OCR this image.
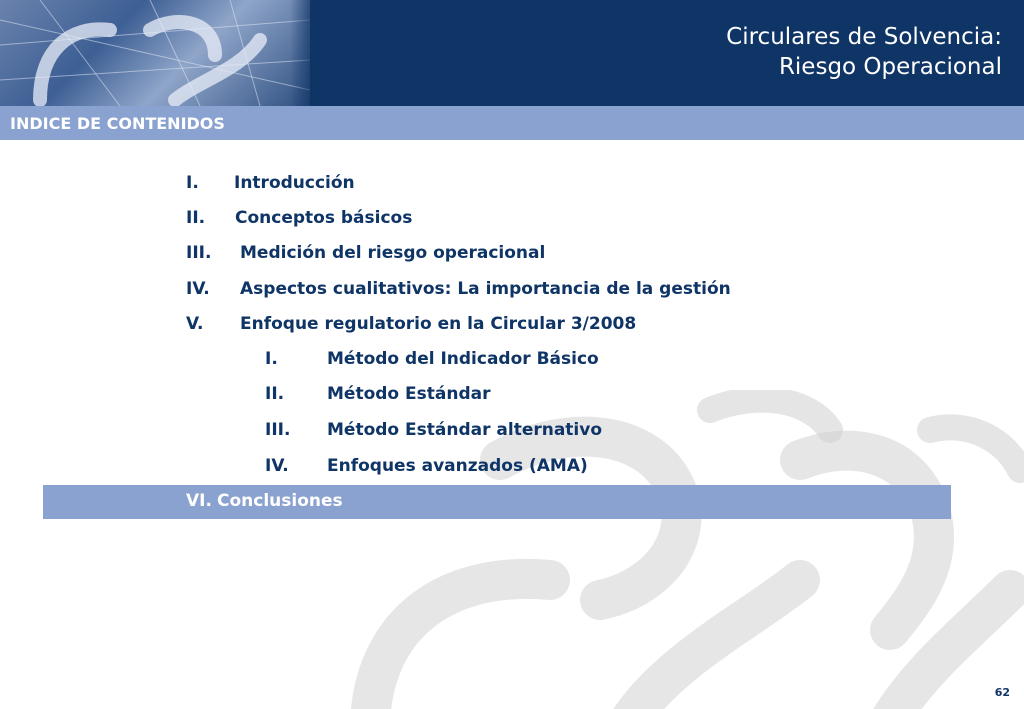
Circulares de Solvencia:
Riesgo Operacional
INDICE DE CONTENIDOS
I. Introducción
II. Conceptos básicos
III. Medición del riesgo operacional
IV. Aspectos cualitativos: La importancia de la gestión
V. Enfoque regulatorio en la Circular 3/2008
I.	Método del Indicador Básico
II.	Método Estándar
III. Método Estándar alternativo
IV. Enfoques avanzados (AMA)
VI. Conclusiones
62
